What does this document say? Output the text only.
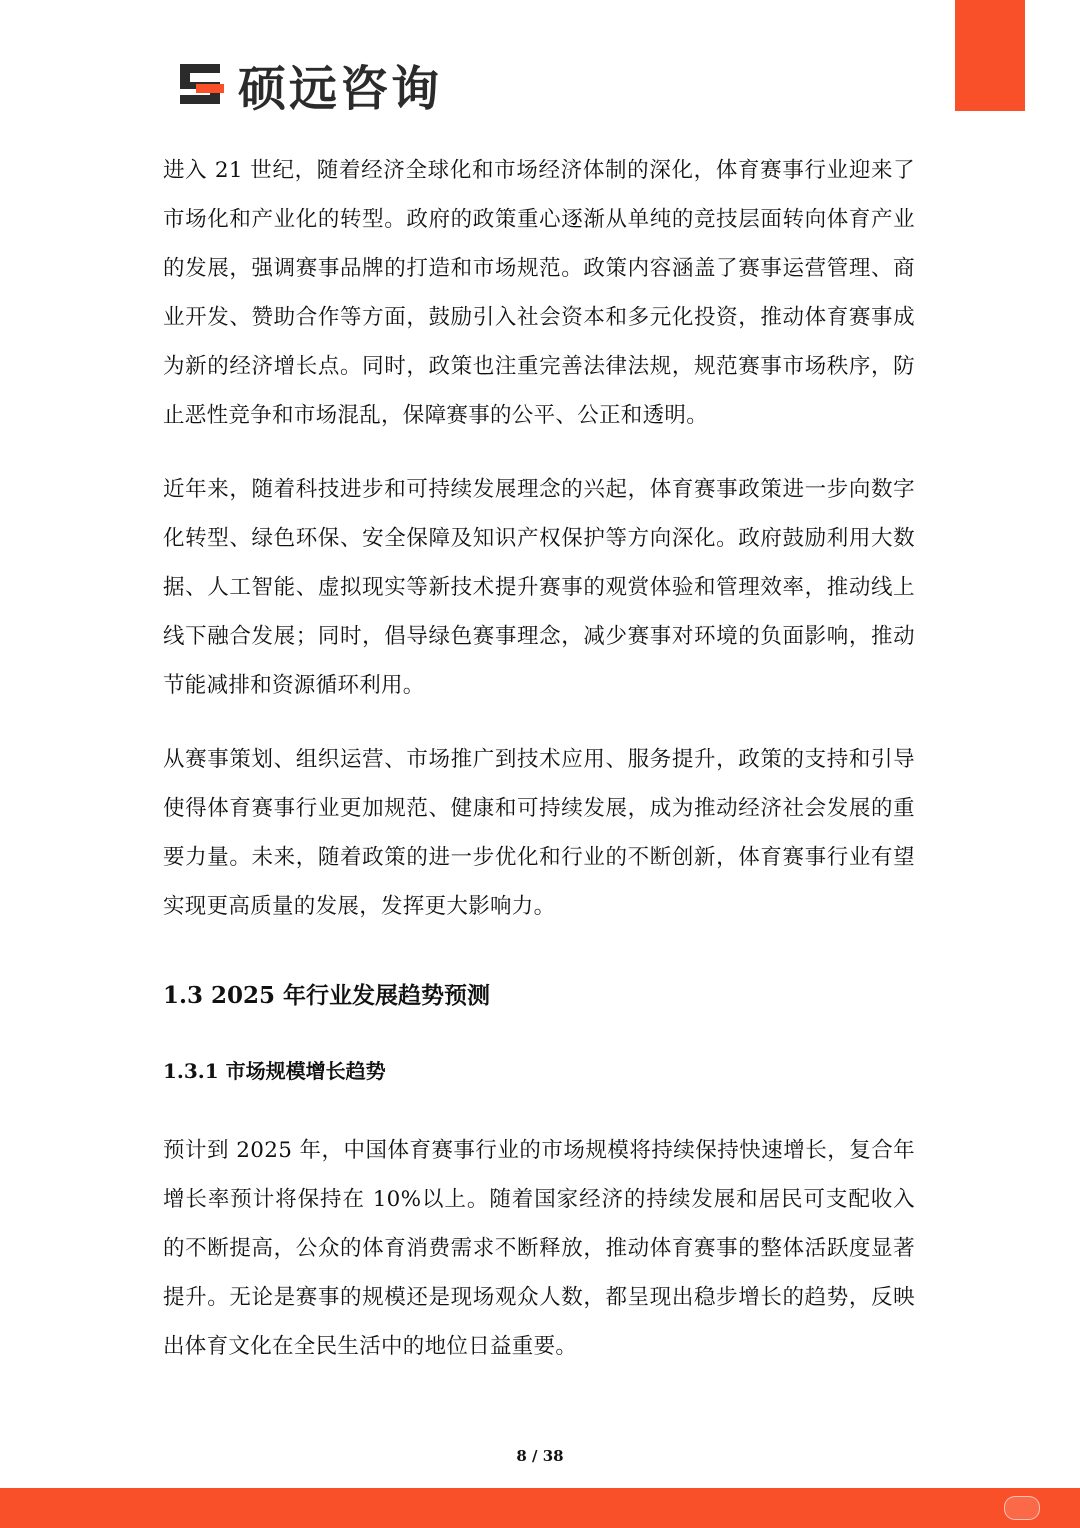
硕远咨询

进入 21 世纪，随着经济全球化和市场经济体制的深化，体育赛事行业迎来了市场化和产业化的转型。政府的政策重心逐渐从单纯的竞技层面转向体育产业的发展，强调赛事品牌的打造和市场规范。政策内容涵盖了赛事运营管理、商业开发、赞助合作等方面，鼓励引入社会资本和多元化投资，推动体育赛事成为新的经济增长点。同时，政策也注重完善法律法规，规范赛事市场秩序，防止恶性竞争和市场混乱，保障赛事的公平、公正和透明。

近年来，随着科技进步和可持续发展理念的兴起，体育赛事政策进一步向数字化转型、绿色环保、安全保障及知识产权保护等方向深化。政府鼓励利用大数据、人工智能、虚拟现实等新技术提升赛事的观赏体验和管理效率，推动线上线下融合发展；同时，倡导绿色赛事理念，减少赛事对环境的负面影响，推动节能减排和资源循环利用。

从赛事策划、组织运营、市场推广到技术应用、服务提升，政策的支持和引导使得体育赛事行业更加规范、健康和可持续发展，成为推动经济社会发展的重要力量。未来，随着政策的进一步优化和行业的不断创新，体育赛事行业有望实现更高质量的发展，发挥更大影响力。

1.3 2025 年行业发展趋势预测
1.3.1 市场规模增长趋势

预计到 2025 年，中国体育赛事行业的市场规模将持续保持快速增长，复合年增长率预计将保持在 10%以上。随着国家经济的持续发展和居民可支配收入的不断提高，公众的体育消费需求不断释放，推动体育赛事的整体活跃度显著提升。无论是赛事的规模还是现场观众人数，都呈现出稳步增长的趋势，反映出体育文化在全民生活中的地位日益重要。

8 / 38
